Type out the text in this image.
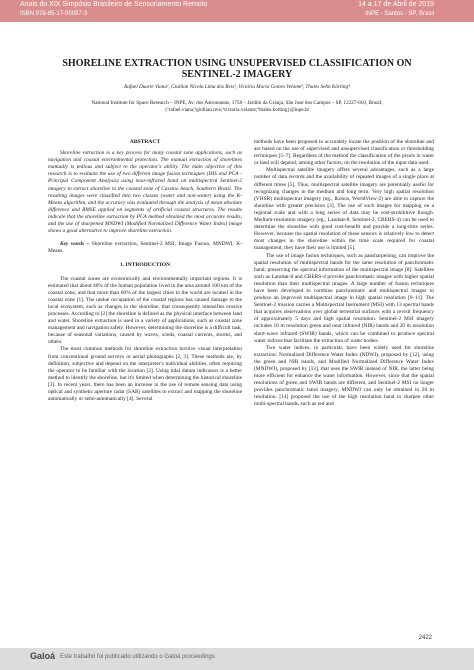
Anais do XIX Simpósio Brasileiro de Sensoriamento Remoto
ISBN 978-85-17-00097-3
14 a 17 de Abril de 2019
INPE - Santos - SP, Brasil
SHORELINE EXTRACTION USING UNSUPERVISED CLASSIFICATION ON
SENTINEL-2 IMAGERY
Rafael Duarte Viana¹, Giullian Nicola Lima dos Reis², Victória Maria Gomes Velame³, Thales Sehn Körting⁴
National Institute for Space Research – INPE, Av. dos Astronautas, 1758 – Jardim da Granja, São José dos Campos – SP, 12227-010, Brazil; {¹rafael.viana;²giullian.reis;³victoria.velame;⁴thales.korting}@inpe.br

ABSTRACT

Shoreline extraction is a key process for many coastal zone applications, such as navigation and coastal environmental protection. The manual extraction of shorelines manually is tedious and subject to the operator's ability. The main objective of this research is to evaluate the use of two different image fusion techniques (IHS and PCA - Principal Component Analysis) using near-infrared band on multispectral Sentinel-2 imagery to extract shoreline in the coastal zone of Cassino beach, Southern Brazil. The resulting images were classified into two classes (water and non-water) using the K-Means algorithm, and the accuracy was evaluated through the analysis of mean absolute difference and RMSE applied on segments of artificial coastal structures. The results indicate that the shoreline extraction by PCA method obtained the most accurate results, and the use of sharpened MNDWI (Modified Normalized Difference Water Index) image shows a good alternative to improve shoreline extraction.

Key words – Shoreline extraction, Sentinel-2 MSI, Image Fusion, MNDWI, K-Means.

1. INTRODUCTION

The coastal zones are economically and environmentally important regions. It is estimated that about 40% of the human population lived in the area around 100 km of the coastal zone, and that more than 60% of the largest cities in the world are located in the coastal zone [1]. The undue occupation of the coastal regions has caused damage to the local ecosystem, such as changes in the shoreline, that consequently intensifies erosive processes. According to [2] the shoreline is defined as the physical interface between land and water. Shoreline extraction is used in a variety of applications, such as coastal zone management and navigation safety. However, determining the shoreline is a difficult task, because of seasonal variations, caused by waves, winds, coastal currents, storms, and others.

The most common methods for shoreline extraction involve visual interpretation from conventional ground surveys or aerial photographs [2, 3]. These methods are, by definition, subjective and depend on the interpreter's individual abilities, often requiring the operator to be familiar with the location [2]. Using tidal datum indicators is a better method to identify the shoreline, but it's limited when determining the historical shoreline [3]. In recent years, there has been an increase in the use of remote sensing data using optical and synthetic aperture radar (SAR) satellites to extract and mapping the shoreline automatically or semi-automatically [4]. Several

methods have been proposed to accurately locate the position of the shoreline and are based on the use of supervised and unsupervised classification or thresholding techniques [5–7]. Regardless of the method the classification of the pixels in water or land will depend, among other factors, on the resolution of the input data used.

Multispectral satellite imagery offers several advantages, such as a large number of data records and the availability of repeated images of a single place at different times [5]. Thus, multispectral satellite imagery are potentially useful for recognizing changes in the medium and long term. Very high spatial resolution (VHSR) multispectral imagery (eg., Ikonos, WorldView-2) are able to capture the shoreline with greater precision [3]. The use of such images for mapping on a regional scale and with a long series of data may be cost-prohibitive though. Medium-resolution imagery (eg., Landsat-8, Sentinel-2, CBERS-4) can be used to determine the shoreline with good cost-benefit and provide a long-time series. However, because the spatial resolution of these sensors is relatively low to detect most changes in the shoreline within the time scale required for coastal management, they have their use is limited [5].

The use of image fusion techniques, such as pansharpening, can improve the spatial resolution of multispectral bands for the same resolution of panchromatic band, preserving the spectral information of the multispectral image [8]. Satellites such as Landsat-8 and CBERS-4 provide panchromatic images with higher spatial resolution than their multispectral images. A large number of fusion techniques have been developed to combine panchromatic and multispectral images to produce an improved multispectral image in high spatial resolution [9–11]. The Sentinel-2 mission carries a Multispectral Instrument (MSI) with 13 spectral bands that acquires observations over global terrestrial surfaces with a revisit frequency of approximately 5 days and high spatial resolution. Sentinel-2 MSI imagery includes 10 m resolution green and near infrared (NIR) bands and 20 m resolution short-wave infrared (SWIR) bands, which can be combined to produce spectral water indices that facilitate the extraction of water bodies.

Two water indices, in particular, have been widely used for shoreline extraction: Normalized Difference Water Index (NDWI), proposed by [12], using the green and NIR bands, and Modified Normalized Difference Water Index (MNDWI), proposed by [13], that uses the SWIR instead of NIR, the latter being more efficient for enhance the water information. However, since that the spatial resolutions of green and SWIR bands are different, and Sentinel-2 MSI no longer provides panchromatic band imagery, MNDWI can only be obtained in 20 m resolution. [14] proposed the use of the high resolution band to sharpen other multi-spectral bands, such as red and

2422
Galoá Este trabalho foi publicado utilizando o Galoá proceedings
